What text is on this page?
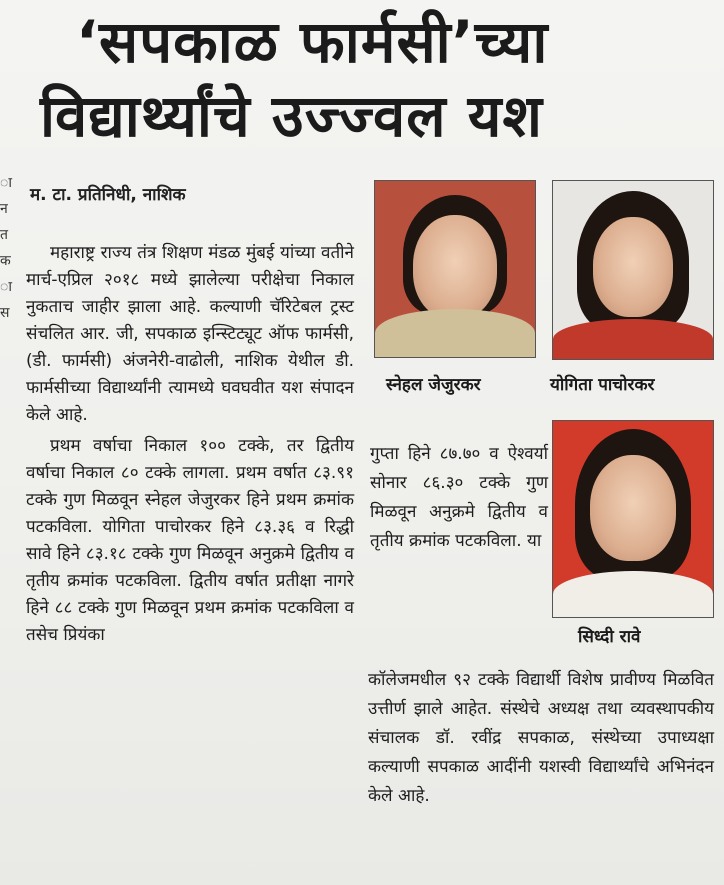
ा
न
त
क
ा
स
‘सपकाळ फार्मसी’च्या
विद्यार्थ्यांचे उज्ज्वल यश
म. टा. प्रतिनिधी, नाशिक

महाराष्ट्र राज्य तंत्र शिक्षण मंडळ मुंबई यांच्या वतीने मार्च-एप्रिल २०१८ मध्ये झालेल्या परीक्षेचा निकाल नुकताच जाहीर झाला आहे. कल्याणी चॅरिटेबल ट्रस्ट संचलित आर. जी, सपकाळ इन्स्टिट्यूट ऑफ फार्मसी, (डी. फार्मसी) अंजनेरी-वाढोली, नाशिक येथील डी. फार्मसीच्या विद्यार्थ्यांनी त्यामध्ये घवघवीत यश संपादन केले आहे.

प्रथम वर्षाचा निकाल १०० टक्के, तर द्वितीय वर्षाचा निकाल ८० टक्के लागला. प्रथम वर्षात ८३.९१ टक्के गुण मिळवून स्नेहल जेजुरकर हिने प्रथम क्रमांक पटकविला. योगिता पाचोरकर हिने ८३.३६ व रिद्धी सावे हिने ८३.१८ टक्के गुण मिळवून अनुक्रमे द्वितीय व तृतीय क्रमांक पटकविला. द्वितीय वर्षात प्रतीक्षा नागरे हिने ८८ टक्के गुण मिळवून प्रथम क्रमांक पटकविला व तसेच प्रियंका

स्नेहल जेजुरकर	योगिता पाचोरकर
सिध्दी रावे
गुप्ता हिने ८७.७० व ऐश्वर्या सोनार ८६.३० टक्के गुण मिळवून अनुक्रमे द्वितीय व तृतीय क्रमांक पटकविला. या

कॉलेजमधील ९२ टक्के विद्यार्थी विशेष प्रावीण्य मिळवित उत्तीर्ण झाले आहेत. संस्थेचे अध्यक्ष तथा व्यवस्थापकीय संचालक डॉ. रवींद्र सपकाळ, संस्थेच्या उपाध्यक्षा कल्याणी सपकाळ आदींनी यशस्वी विद्यार्थ्यांचे अभिनंदन केले आहे.
